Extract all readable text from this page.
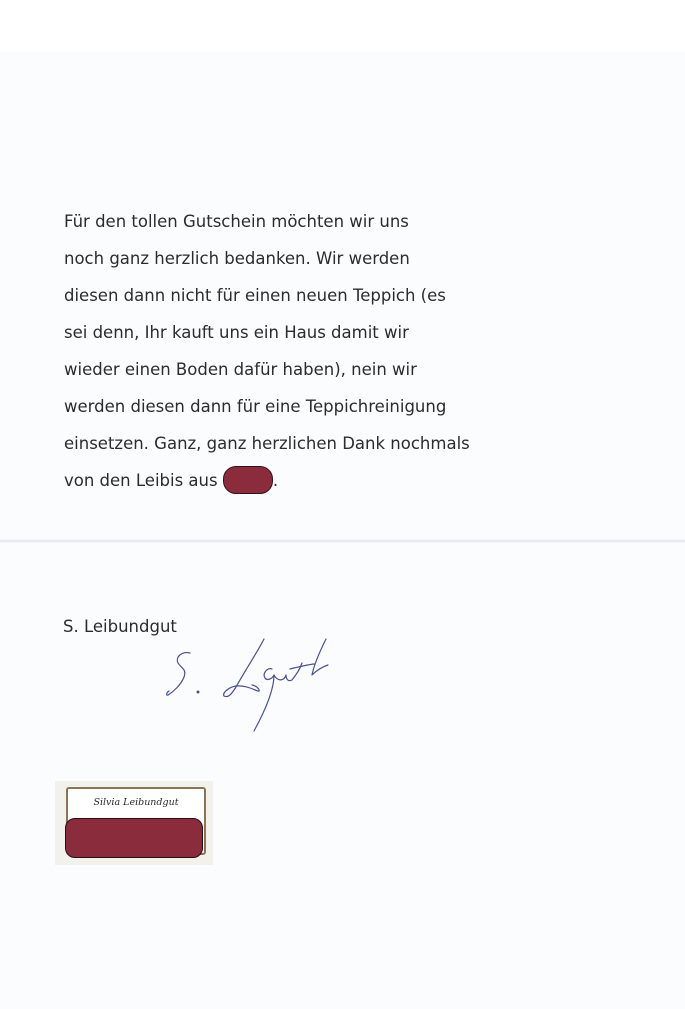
Für den tollen Gutschein möchten wir uns
noch ganz herzlich bedanken. Wir werden
diesen dann nicht für einen neuen Teppich (es
sei denn, Ihr kauft uns ein Haus damit wir
wieder einen Boden dafür haben), nein wir
werden diesen dann für eine Teppichreinigung
einsetzen. Ganz, ganz herzlichen Dank nochmals
von den Leibis aus	.

S. Leibundgut

Silvia Leibundgut
